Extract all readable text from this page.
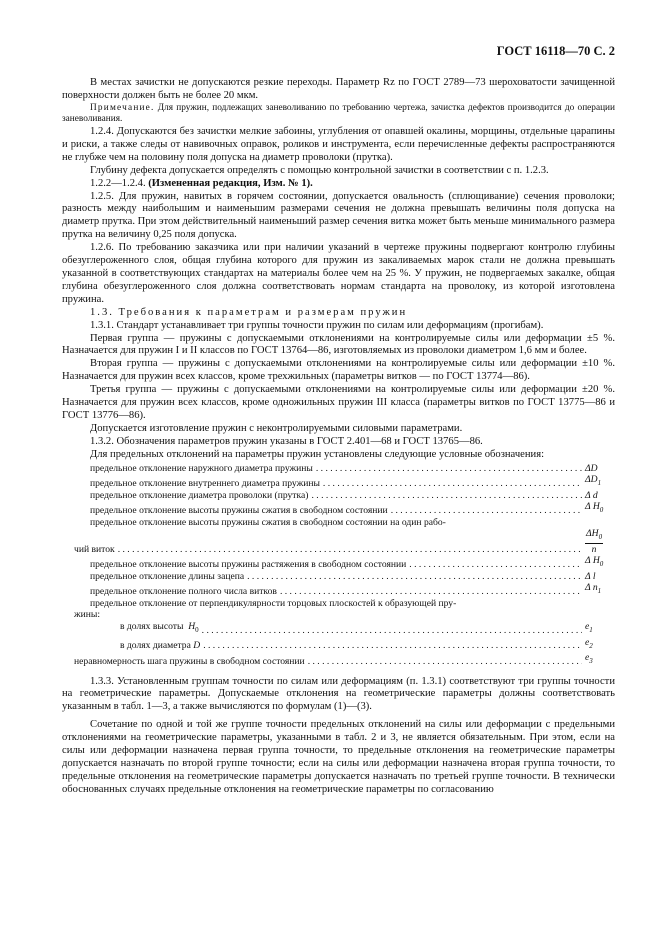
ГОСТ 16118—70 С. 2

В местах зачистки не допускаются резкие переходы. Параметр Rz по ГОСТ 2789—73 шероховатости зачищенной поверхности должен быть не более 20 мкм.

Примечание. Для пружин, подлежащих заневоливанию по требованию чертежа, зачистка дефектов производится до операции заневоливания.

1.2.4. Допускаются без зачистки мелкие забоины, углубления от опавшей окалины, морщины, отдельные царапины и риски, а также следы от навивочных оправок, роликов и инструмента, если перечисленные дефекты распространяются не глубже чем на половину поля допуска на диаметр проволоки (прутка).

Глубину дефекта допускается определять с помощью контрольной зачистки в соответствии с п. 1.2.3.

1.2.2—1.2.4. (Измененная редакция, Изм. № 1).

1.2.5. Для пружин, навитых в горячем состоянии, допускается овальность (сплющивание) сечения проволоки; разность между наибольшим и наименьшим размерами сечения не должна превышать величины поля допуска на диаметр прутка. При этом действительный наименьший размер сечения витка может быть меньше минимального размера прутка на величину 0,25 поля допуска.

1.2.6. По требованию заказчика или при наличии указаний в чертеже пружины подвергают контролю глубины обезуглероженного слоя, общая глубина которого для пружин из закаливаемых марок стали не должна превышать указанной в соответствующих стандартах на материалы более чем на 25 %. У пружин, не подвергаемых закалке, общая глубина обезуглероженного слоя должна соответствовать нормам стандарта на проволоку, из которой изготовлена пружина.

1.3. Требования к параметрам и размерам пружин

1.3.1. Стандарт устанавливает три группы точности пружин по силам или деформациям (прогибам).

Первая группа — пружины с допускаемыми отклонениями на контролируемые силы или деформации ±5 %. Назначается для пружин I и II классов по ГОСТ 13764—86, изготовляемых из проволоки диаметром 1,6 мм и более.

Вторая группа — пружины с допускаемыми отклонениями на контролируемые силы или деформации ±10 %. Назначается для пружин всех классов, кроме трехжильных (параметры витков — по ГОСТ 13774—86).

Третья группа — пружины с допускаемыми отклонениями на контролируемые силы или деформации ±20 %. Назначается для пружин всех классов, кроме одножильных пружин III класса (параметры витков по ГОСТ 13775—86 и ГОСТ 13776—86).

Допускается изготовление пружин с неконтролируемыми силовыми параметрами.

1.3.2. Обозначения параметров пружин указаны в ГОСТ 2.401—68 и ГОСТ 13765—86.

Для предельных отклонений на параметры пружин установлены следующие условные обозначения:

предельное отклонение наружного диаметра пружины . . .	ΔD
предельное отклонение внутреннего диаметра пружины . . .	$\Delta D_1$
предельное отклонение диаметра проволоки (прутка) . . .	Δ d
предельное отклонение высоты пружины сжатия в свободном состоянии . . .	Δ $H_0$
предельное отклонение высоты пружины сжатия в свободном состоянии на один рабо-
чий виток
. . .	$\frac{\Delta H_0}{n}$
предельное отклонение высоты пружины растяжения в свободном состоянии . . .	Δ $H_0$
предельное отклонение длины зацепа . . .	Δ l
предельное отклонение полного числа витков . . .	Δ $n_1$
предельное отклонение от перпендикулярности торцовых плоскостей к образующей пру-
жины:
в долях высоты $H_0$ . . .	$e_1$
в долях диаметра D . . .	$e_2$
неравномерность шага пружины в свободном состоянии . . .	$e_3$

1.3.3. Установленным группам точности по силам или деформациям (п. 1.3.1) соответствуют три группы точности на геометрические параметры. Допускаемые отклонения на геометрические параметры должны соответствовать указанным в табл. 1—3, а также вычисляются по формулам (1)—(3).

Сочетание по одной и той же группе точности предельных отклонений на силы или деформации с предельными отклонениями на геометрические параметры, указанными в табл. 2 и 3, не является обязательным. При этом, если на силы или деформации назначена первая группа точности, то предельные отклонения на геометрические параметры допускается назначать по второй группе точности; если на силы или деформации назначена вторая группа точности, то предельные отклонения на геометрические параметры допускается назначать по третьей группе точности. В технически обоснованных случаях предельные отклонения на геометрические параметры по согласованию
